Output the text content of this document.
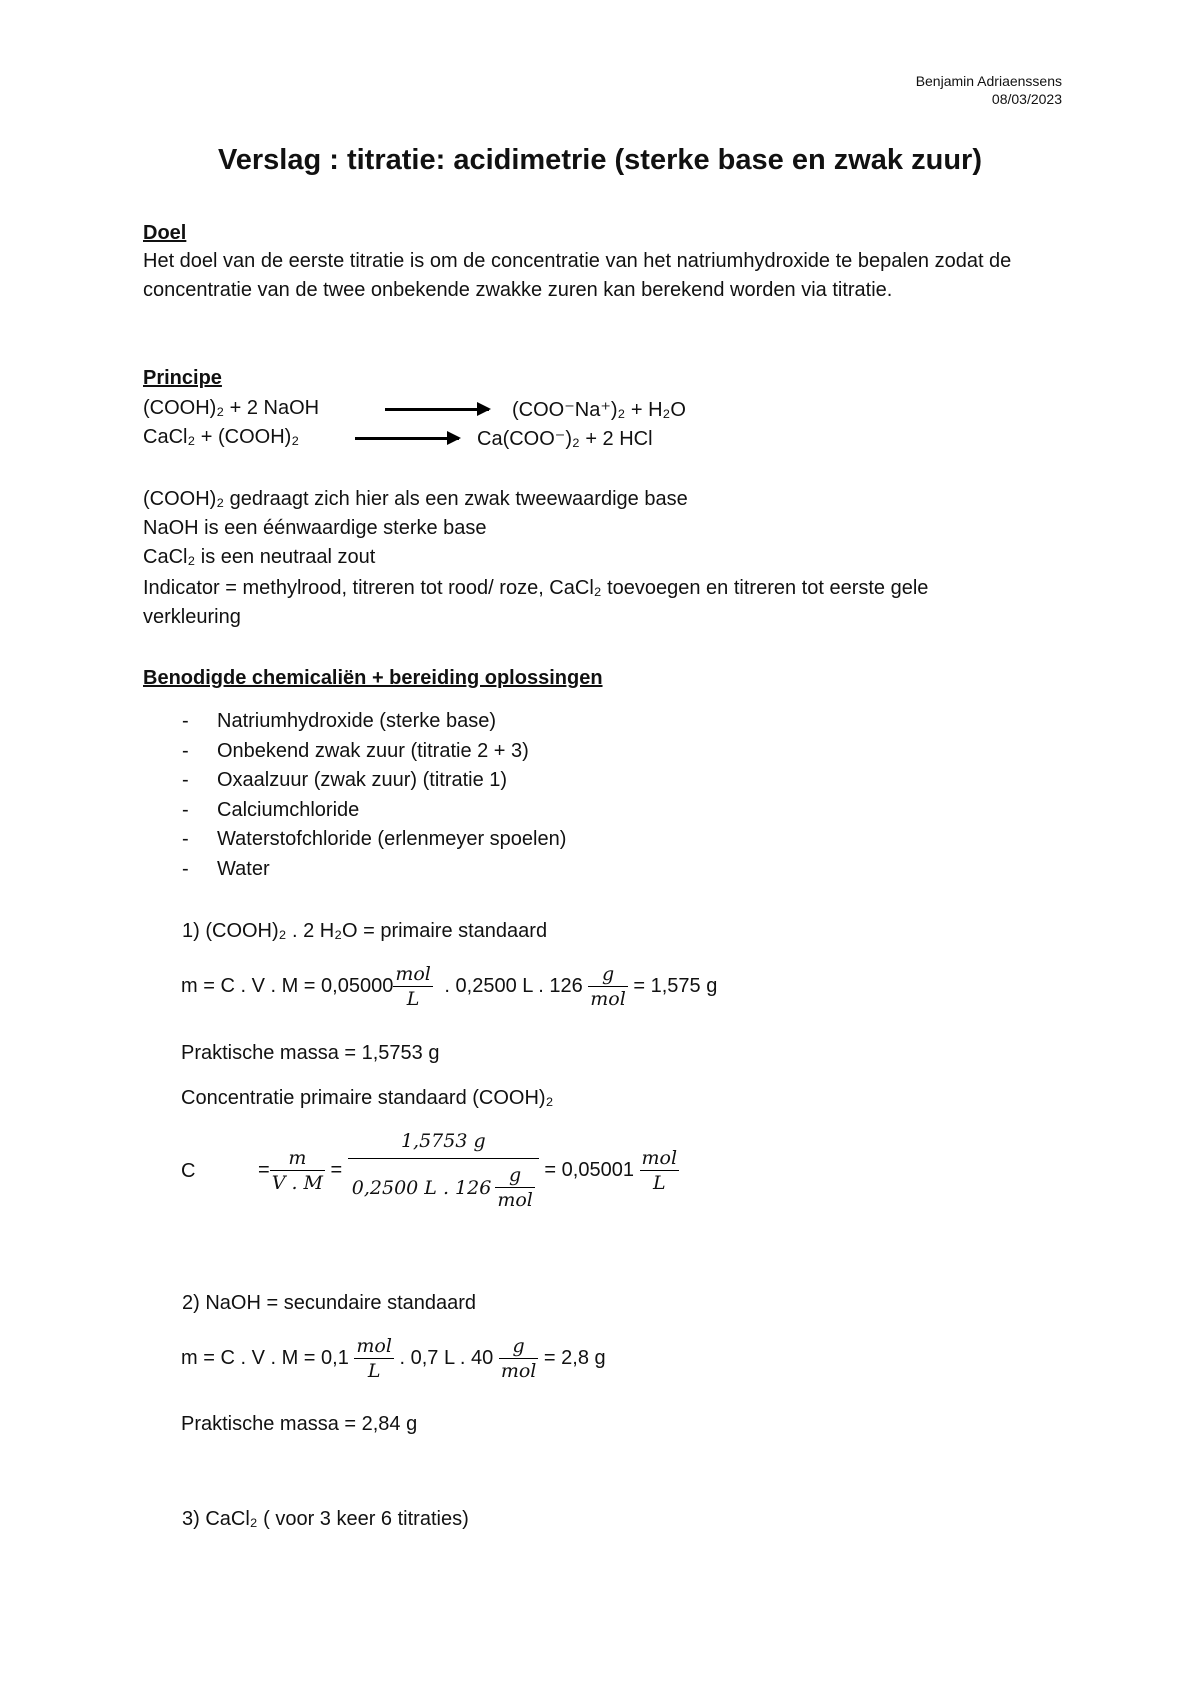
Benjamin Adriaenssens
08/03/2023
Verslag : titratie: acidimetrie (sterke base en zwak zuur)
Doel
Het doel van de eerste titratie is om de concentratie van het natriumhydroxide te bepalen zodat de concentratie van de twee onbekende zwakke zuren kan berekend worden via titratie.
Principe
(COOH)₂ + 2 NaOH	(COO⁻Na⁺)₂ + H₂O
CaCl₂ + (COOH)₂	Ca(COO⁻)₂ + 2 HCl
(COOH)₂ gedraagt zich hier als een zwak tweewaardige base
NaOH is een éénwaardige sterke base
CaCl₂ is een neutraal zout
Indicator = methylrood, titreren tot rood/ roze, CaCl₂ toevoegen en titreren tot eerste gele verkleuring
Benodigde chemicaliën + bereiding oplossingen
- Natriumhydroxide (sterke base)
- Onbekend zwak zuur (titratie 2 + 3)
- Oxaalzuur (zwak zuur) (titratie 1)
- Calciumchloride
- Waterstofchloride (erlenmeyer spoelen)
- Water
1) (COOH)₂ . 2 H₂O = primaire standaard
m = C . V . $M = 0,05000 \frac{\text{mol}}{L}$ . 0,2500 L . $126 \frac{g}{\text{mol}} = 1,575$ g
Praktische massa = 1,5753 g
Concentratie primaire standaard (COOH)₂
C	= $\frac{m}{V . M} = \frac{1,5753 g}{0,2500 L . 126 \frac{g}{\text{mol}}} = 0,05001 \frac{\text{mol}}{L}$
2) NaOH = secundaire standaard
m = C . V . $M = 0,1 \frac{\text{mol}}{L}$ . 0,7 L . $40 \frac{g}{\text{mol}} = 2,8$ g
Praktische massa = 2,84 g
3) CaCl₂ ( voor 3 keer 6 titraties)
